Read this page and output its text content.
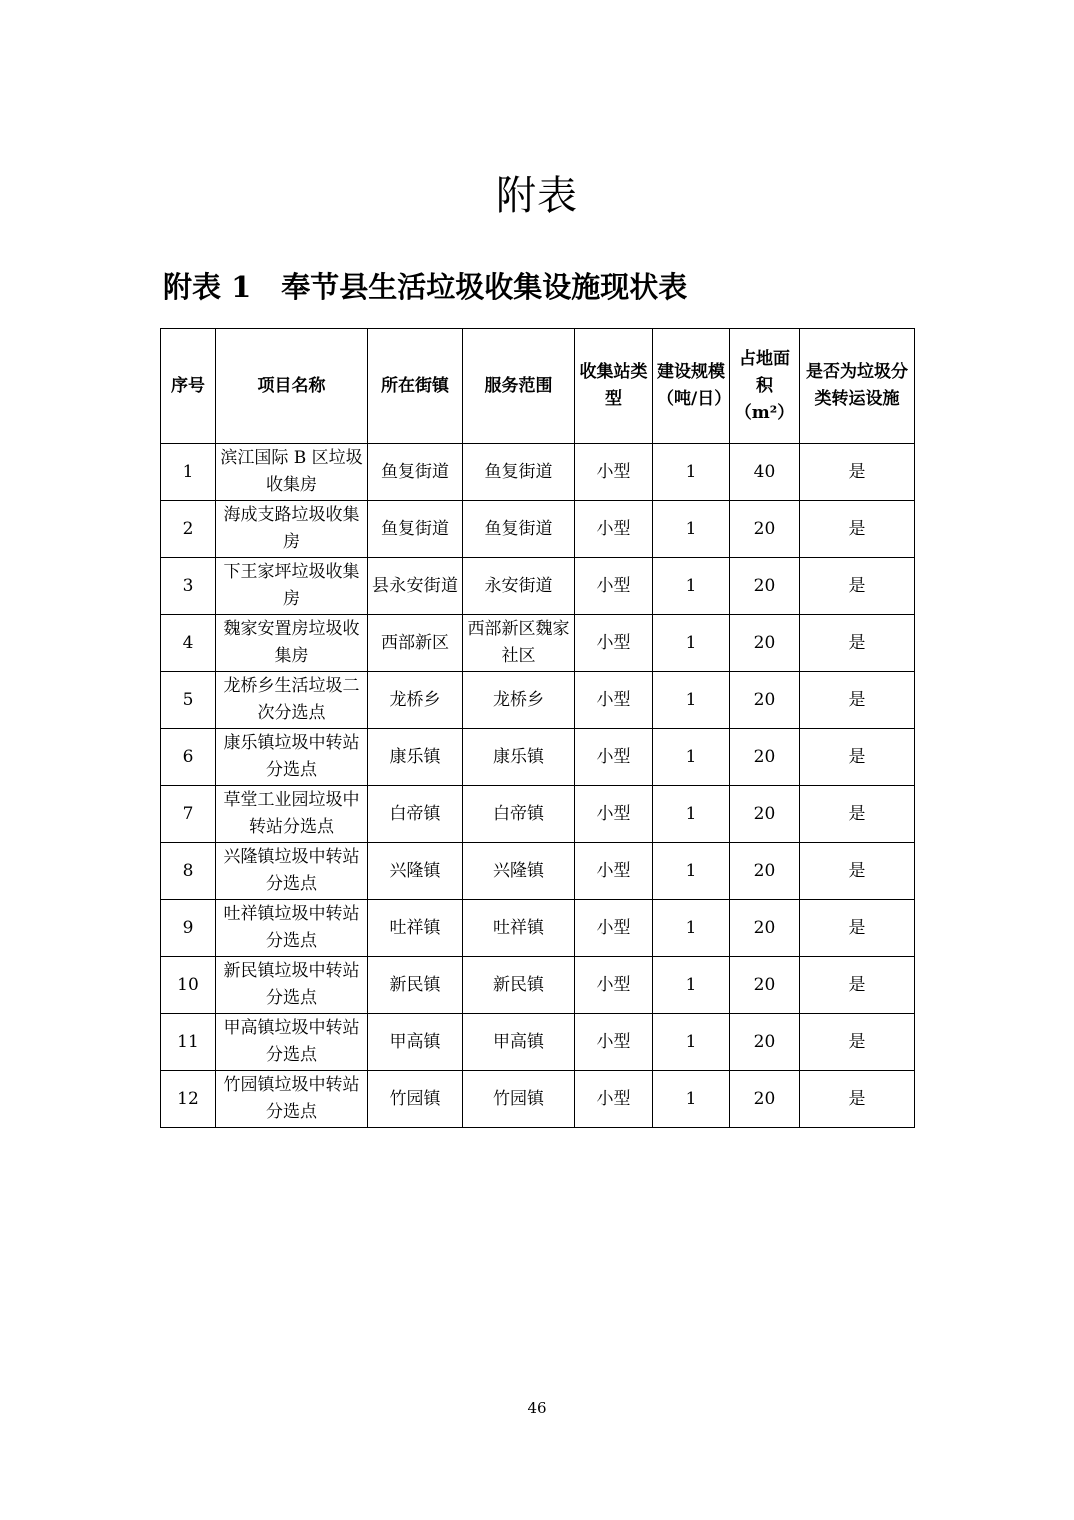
附表
附表 1 奉节县生活垃圾收集设施现状表
序号	项目名称	所在街镇	服务范围	收集站类型	建设规模（吨/日）	占地面积（m²）	是否为垃圾分类转运设施
1	滨江国际 B 区垃圾收集房	鱼复街道	鱼复街道	小型	1	40	是
2	海成支路垃圾收集房	鱼复街道	鱼复街道	小型	1	20	是
3	下王家坪垃圾收集房	县永安街道	永安街道	小型	1	20	是
4	魏家安置房垃圾收集房	西部新区	西部新区魏家社区	小型	1	20	是
5	龙桥乡生活垃圾二次分选点	龙桥乡	龙桥乡	小型	1	20	是
6	康乐镇垃圾中转站分选点	康乐镇	康乐镇	小型	1	20	是
7	草堂工业园垃圾中转站分选点	白帝镇	白帝镇	小型	1	20	是
8	兴隆镇垃圾中转站分选点	兴隆镇	兴隆镇	小型	1	20	是
9	吐祥镇垃圾中转站分选点	吐祥镇	吐祥镇	小型	1	20	是
10	新民镇垃圾中转站分选点	新民镇	新民镇	小型	1	20	是
11	甲高镇垃圾中转站分选点	甲高镇	甲高镇	小型	1	20	是
12	竹园镇垃圾中转站分选点	竹园镇	竹园镇	小型	1	20	是
46
